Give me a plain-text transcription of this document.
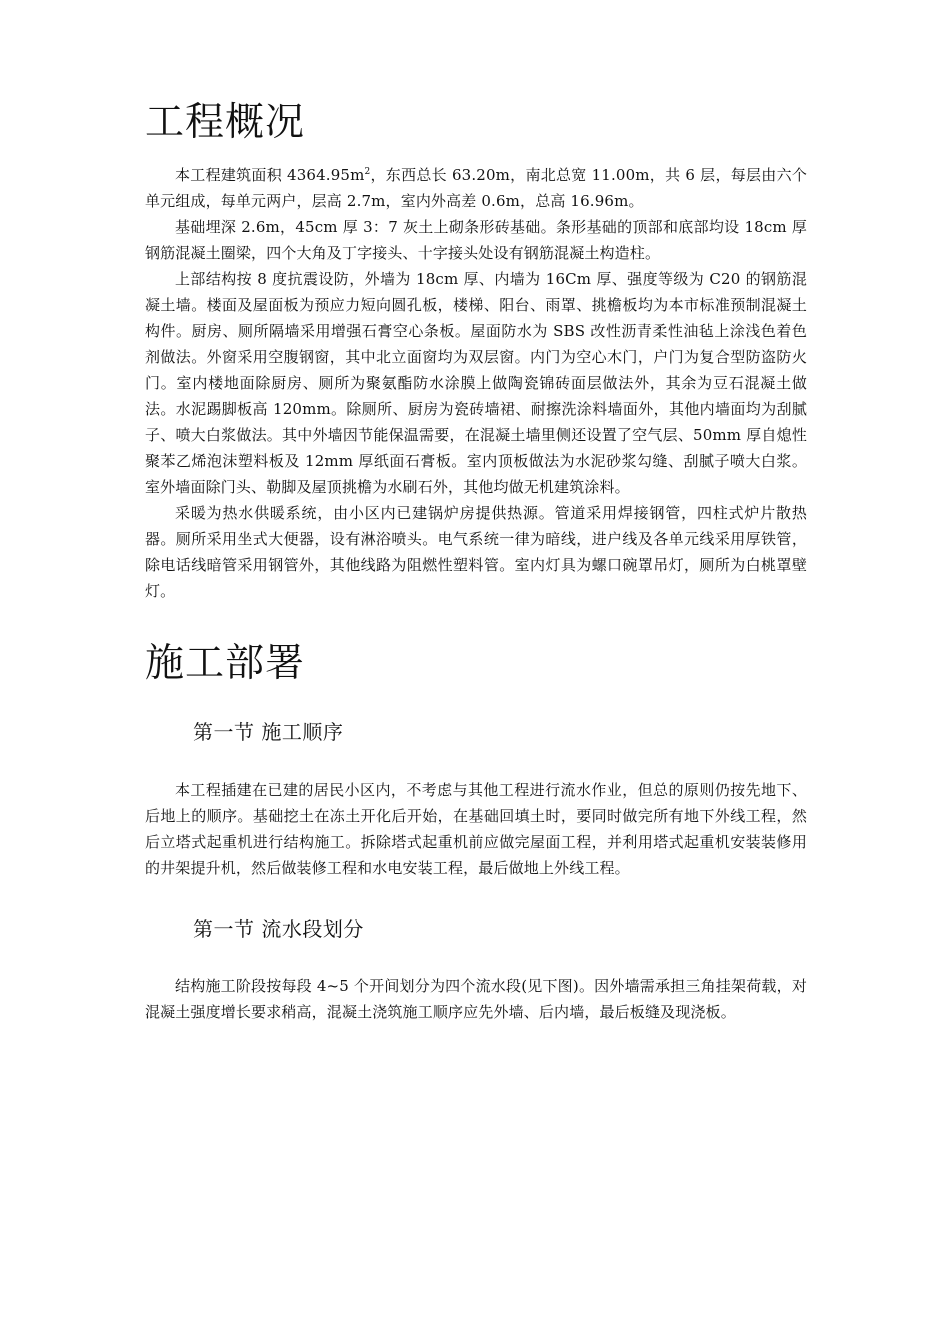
工程概况

本工程建筑面积 $4364.95m^2$，东西总长 63.20m，南北总宽 11.00m，共 6 层，每层由六个单元组成，每单元两户，层高 2.7m，室内外高差 0.6m，总高 16.96m。

基础埋深 2.6m，45cm 厚 3：7 灰土上砌条形砖基础。条形基础的顶部和底部均设 18cm 厚钢筋混凝土圈梁，四个大角及丁字接头、十字接头处设有钢筋混凝土构造柱。

上部结构按 8 度抗震设防，外墙为 18cm 厚、内墙为 16Cm 厚、强度等级为 C20 的钢筋混凝土墙。楼面及屋面板为预应力短向圆孔板，楼梯、阳台、雨罩、挑檐板均为本市标准预制混凝土构件。厨房、厕所隔墙采用增强石膏空心条板。屋面防水为 SBS 改性沥青柔性油毡上涂浅色着色剂做法。外窗采用空腹钢窗，其中北立面窗均为双层窗。内门为空心木门，户门为复合型防盗防火门。室内楼地面除厨房、厕所为聚氨酯防水涂膜上做陶瓷锦砖面层做法外，其余为豆石混凝土做法。水泥踢脚板高 120mm。除厕所、厨房为瓷砖墙裙、耐擦洗涂料墙面外，其他内墙面均为刮腻子、喷大白浆做法。其中外墙因节能保温需要，在混凝土墙里侧还设置了空气层、50mm 厚自熄性聚苯乙烯泡沫塑料板及 12mm 厚纸面石膏板。室内顶板做法为水泥砂浆勾缝、刮腻子喷大白浆。室外墙面除门头、勒脚及屋顶挑檐为水刷石外，其他均做无机建筑涂料。

采暖为热水供暖系统，由小区内已建锅炉房提供热源。管道采用焊接钢管，四柱式炉片散热器。厕所采用坐式大便器，设有淋浴喷头。电气系统一律为暗线，进户线及各单元线采用厚铁管，除电话线暗管采用钢管外，其他线路为阻燃性塑料管。室内灯具为螺口碗罩吊灯，厕所为白桃罩壁灯。

施工部署
第一节 施工顺序

本工程插建在已建的居民小区内，不考虑与其他工程进行流水作业，但总的原则仍按先地下、后地上的顺序。基础挖土在冻土开化后开始，在基础回填土时，要同时做完所有地下外线工程，然后立塔式起重机进行结构施工。拆除塔式起重机前应做完屋面工程，并利用塔式起重机安装装修用的井架提升机，然后做装修工程和水电安装工程，最后做地上外线工程。

第一节 流水段划分

结构施工阶段按每段 4~5 个开间划分为四个流水段(见下图)。因外墙需承担三角挂架荷载，对混凝土强度增长要求稍高，混凝土浇筑施工顺序应先外墙、后内墙，最后板缝及现浇板。
